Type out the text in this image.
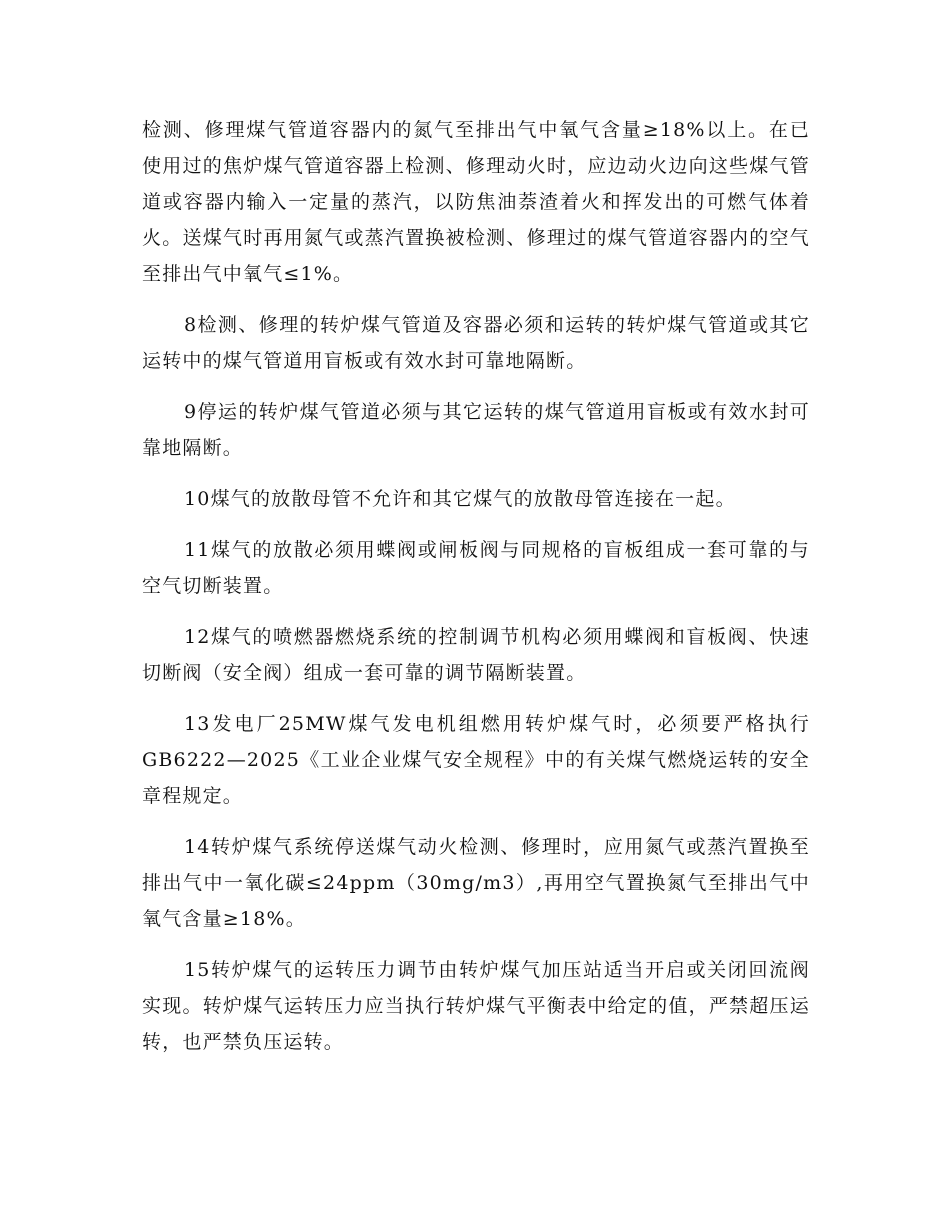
检测、修理煤气管道容器内的氮气至排出气中氧气含量≥18%以上。在已使用过的焦炉煤气管道容器上检测、修理动火时，应边动火边向这些煤气管道或容器内输入一定量的蒸汽，以防焦油萘渣着火和挥发出的可燃气体着火。送煤气时再用氮气或蒸汽置换被检测、修理过的煤气管道容器内的空气至排出气中氧气≤1%。

8检测、修理的转炉煤气管道及容器必须和运转的转炉煤气管道或其它运转中的煤气管道用盲板或有效水封可靠地隔断。

9停运的转炉煤气管道必须与其它运转的煤气管道用盲板或有效水封可靠地隔断。

10煤气的放散母管不允许和其它煤气的放散母管连接在一起。

11煤气的放散必须用蝶阀或闸板阀与同规格的盲板组成一套可靠的与空气切断装置。

12煤气的喷燃器燃烧系统的控制调节机构必须用蝶阀和盲板阀、快速切断阀（安全阀）组成一套可靠的调节隔断装置。

13发电厂25MW煤气发电机组燃用转炉煤气时，必须要严格执行GB6222—2025《工业企业煤气安全规程》中的有关煤气燃烧运转的安全章程规定。

14转炉煤气系统停送煤气动火检测、修理时，应用氮气或蒸汽置换至排出气中一氧化碳≤24ppm（30mg/m3）,再用空气置换氮气至排出气中氧气含量≥18%。

15转炉煤气的运转压力调节由转炉煤气加压站适当开启或关闭回流阀实现。转炉煤气运转压力应当执行转炉煤气平衡表中给定的值，严禁超压运转，也严禁负压运转。
